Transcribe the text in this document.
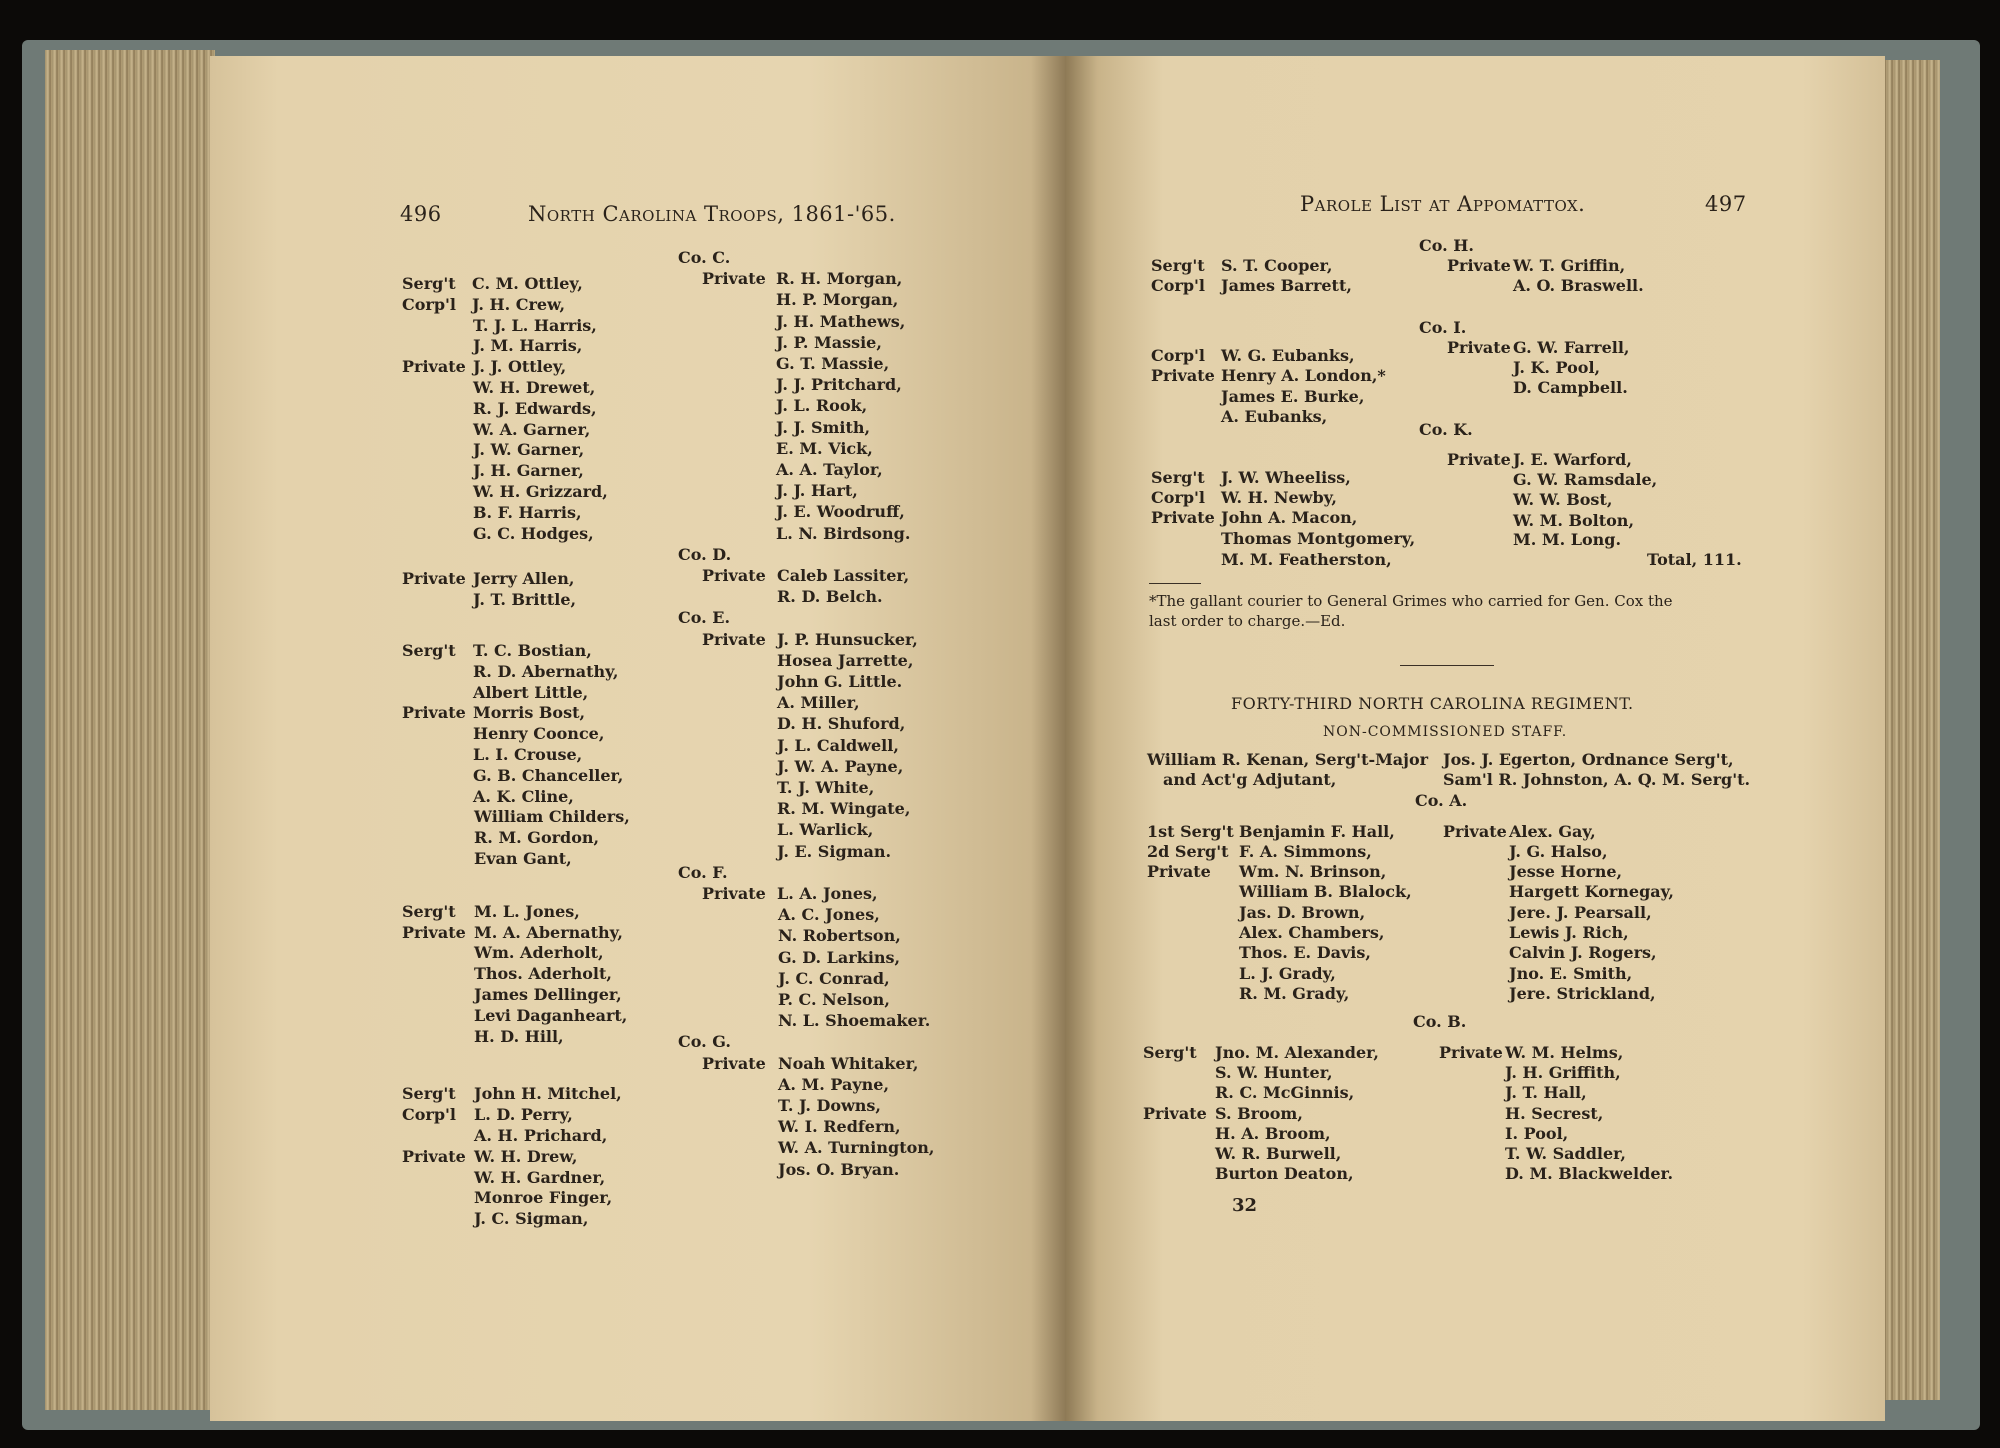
496	North Carolina Troops, 1861-'65.
Serg't C. M. Ottley,
Corp'l J. H. Crew,
T. J. L. Harris,
J. M. Harris,
Private J. J. Ottley,
W. H. Drewet,
R. J. Edwards,
W. A. Garner,
J. W. Garner,
J. H. Garner,
W. H. Grizzard,
B. F. Harris,
G. C. Hodges,
Private Jerry Allen,
J. T. Brittle,
Serg't T. C. Bostian,
R. D. Abernathy,
Albert Little,
Private Morris Bost,
Henry Coonce,
L. I. Crouse,
G. B. Chanceller,
A. K. Cline,
William Childers,
R. M. Gordon,
Evan Gant,
Serg't M. L. Jones,
Private M. A. Abernathy,
Wm. Aderholt,
Thos. Aderholt,
James Dellinger,
Levi Daganheart,
H. D. Hill,
Serg't John H. Mitchel,
Corp'l L. D. Perry,
A. H. Prichard,
Private W. H. Drew,
W. H. Gardner,
Monroe Finger,
J. C. Sigman,
Co. C.
Private R. H. Morgan,
H. P. Morgan,
J. H. Mathews,
J. P. Massie,
G. T. Massie,
J. J. Pritchard,
J. L. Rook,
J. J. Smith,
E. M. Vick,
A. A. Taylor,
J. J. Hart,
J. E. Woodruff,
L. N. Birdsong.
Co. D.
Private Caleb Lassiter,
R. D. Belch.
Co. E.
Private J. P. Hunsucker,
Hosea Jarrette,
John G. Little.
A. Miller,
D. H. Shuford,
J. L. Caldwell,
J. W. A. Payne,
T. J. White,
R. M. Wingate,
L. Warlick,
J. E. Sigman.
Co. F.
Private L. A. Jones,
A. C. Jones,
N. Robertson,
G. D. Larkins,
J. C. Conrad,
P. C. Nelson,
N. L. Shoemaker.
Co. G.
Private Noah Whitaker,
A. M. Payne,
T. J. Downs,
W. I. Redfern,
W. A. Turnington,
Jos. O. Bryan.
Parole List at Appomattox.	497
Total, 111.
*The gallant courier to General Grimes who carried for Gen. Cox the
last order to charge.—Ed.
FORTY-THIRD NORTH CAROLINA REGIMENT.
NON-COMMISSIONED STAFF.
William R. Kenan, Serg't-Major
and Act'g Adjutant,
Jos. J. Egerton, Ordnance Serg't,
Sam'l R. Johnston, A. Q. M. Serg't.
Co. A.
Co. B.
32
Serg't S. T. Cooper,
Corp'l James Barrett,
Corp'l W. G. Eubanks,
Private Henry A. London,*
James E. Burke,
A. Eubanks,
Serg't J. W. Wheeliss,
Corp'l W. H. Newby,
Private John A. Macon,
Thomas Montgomery,
M. M. Featherston,
Co. H.
Private W. T. Griffin,
A. O. Braswell.
Co. I.
Private G. W. Farrell,
J. K. Pool,
D. Campbell.
Co. K.
Private J. E. Warford,
G. W. Ramsdale,
W. W. Bost,
W. M. Bolton,
M. M. Long.
1st Serg't Benjamin F. Hall,
2d Serg't F. A. Simmons,
Private Wm. N. Brinson,
William B. Blalock,
Jas. D. Brown,
Alex. Chambers,
Thos. E. Davis,
L. J. Grady,
R. M. Grady,
Private Alex. Gay,
J. G. Halso,
Jesse Horne,
Hargett Kornegay,
Jere. J. Pearsall,
Lewis J. Rich,
Calvin J. Rogers,
Jno. E. Smith,
Jere. Strickland,
Serg't Jno. M. Alexander,
S. W. Hunter,
R. C. McGinnis,
Private S. Broom,
H. A. Broom,
W. R. Burwell,
Burton Deaton,
Private W. M. Helms,
J. H. Griffith,
J. T. Hall,
H. Secrest,
I. Pool,
T. W. Saddler,
D. M. Blackwelder.
